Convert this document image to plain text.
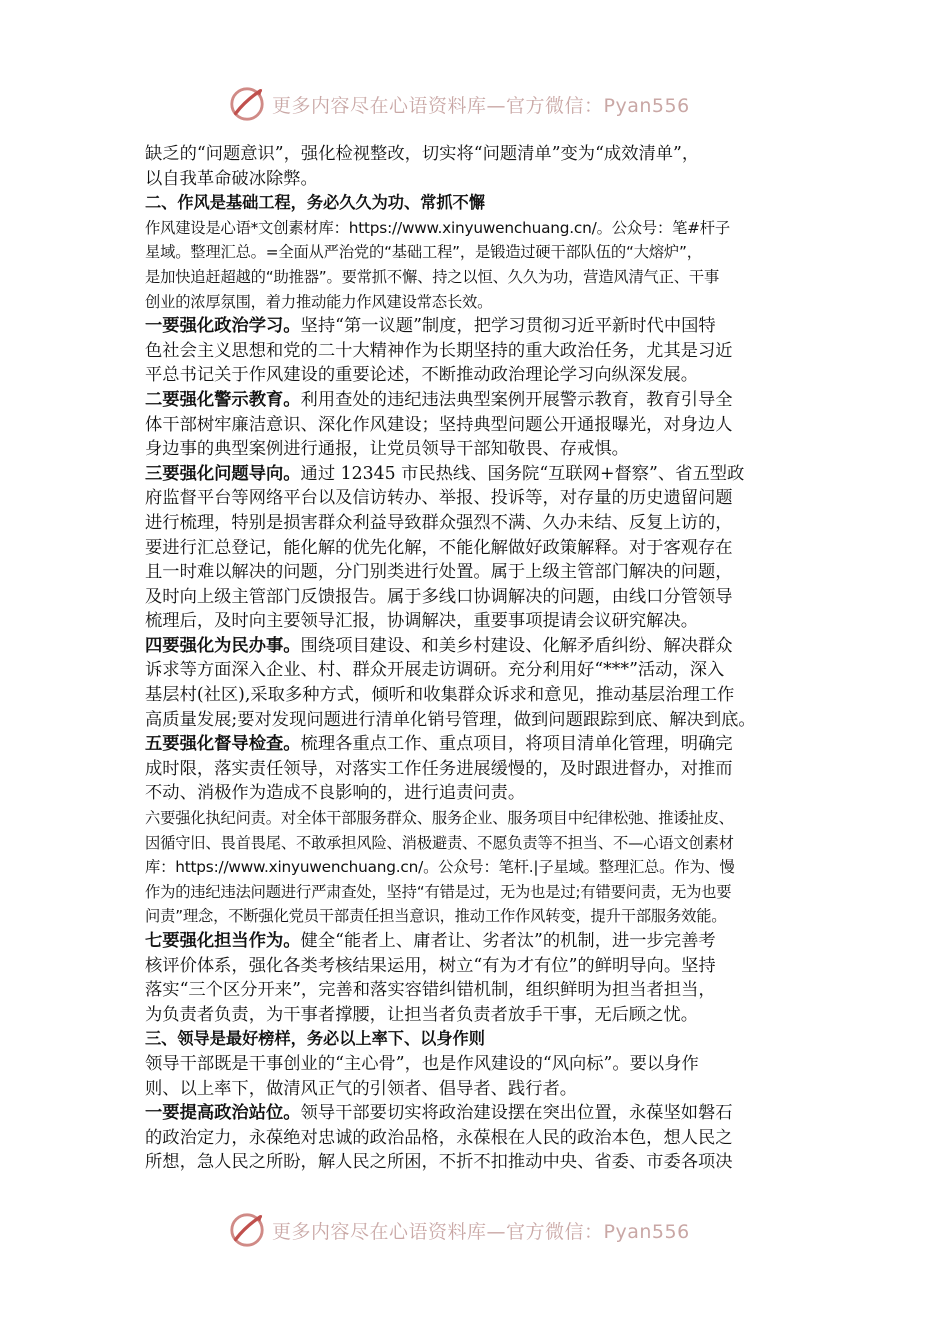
更多内容尽在心语资料库—官方微信：Pyan556

缺乏的“问题意识”，强化检视整改，切实将“问题清单”变为“成效清单”，

以自我革命破冰除弊。

二、作风是基础工程，务必久久为功、常抓不懈

作风建设是心语*文创素材库：https://www.xinyuwenchuang.cn/。公众号：笔#杆子

星域。整理汇总。=全面从严治党的“基础工程”，是锻造过硬干部队伍的“大熔炉”，

是加快追赶超越的“助推器”。要常抓不懈、持之以恒、久久为功，营造风清气正、干事

创业的浓厚氛围，着力推动能力作风建设常态长效。

一要强化政治学习。坚持“第一议题”制度，把学习贯彻习近平新时代中国特

色社会主义思想和党的二十大精神作为长期坚持的重大政治任务，尤其是习近

平总书记关于作风建设的重要论述，不断推动政治理论学习向纵深发展。

二要强化警示教育。利用查处的违纪违法典型案例开展警示教育，教育引导全

体干部树牢廉洁意识、深化作风建设；坚持典型问题公开通报曝光，对身边人

身边事的典型案例进行通报，让党员领导干部知敬畏、存戒惧。

三要强化问题导向。通过 12345 市民热线、国务院“互联网+督察”、省五型政

府监督平台等网络平台以及信访转办、举报、投诉等，对存量的历史遗留问题

进行梳理，特别是损害群众利益导致群众强烈不满、久办未结、反复上访的，

要进行汇总登记，能化解的优先化解，不能化解做好政策解释。对于客观存在

且一时难以解决的问题，分门别类进行处置。属于上级主管部门解决的问题，

及时向上级主管部门反馈报告。属于多线口协调解决的问题，由线口分管领导

梳理后，及时向主要领导汇报，协调解决，重要事项提请会议研究解决。

四要强化为民办事。围绕项目建设、和美乡村建设、化解矛盾纠纷、解决群众

诉求等方面深入企业、村、群众开展走访调研。充分利用好“***”活动，深入

基层村(社区),采取多种方式，倾听和收集群众诉求和意见，推动基层治理工作

高质量发展;要对发现问题进行清单化销号管理，做到问题跟踪到底、解决到底。

五要强化督导检查。梳理各重点工作、重点项目，将项目清单化管理，明确完

成时限，落实责任领导，对落实工作任务进展缓慢的，及时跟进督办，对推而

不动、消极作为造成不良影响的，进行追责问责。

六要强化执纪问责。对全体干部服务群众、服务企业、服务项目中纪律松弛、推诿扯皮、

因循守旧、畏首畏尾、不敢承担风险、消极避责、不愿负责等不担当、不—心语文创素材

库：https://www.xinyuwenchuang.cn/。公众号：笔杆.|子星域。整理汇总。作为、慢

作为的违纪违法问题进行严肃查处，坚持“有错是过，无为也是过;有错要问责，无为也要

问责”理念，不断强化党员干部责任担当意识，推动工作作风转变，提升干部服务效能。

七要强化担当作为。健全“能者上、庸者让、劣者汰”的机制，进一步完善考

核评价体系，强化各类考核结果运用，树立“有为才有位”的鲜明导向。坚持

落实“三个区分开来”，完善和落实容错纠错机制，组织鲜明为担当者担当，

为负责者负责，为干事者撑腰，让担当者负责者放手干事，无后顾之忧。

三、领导是最好榜样，务必以上率下、以身作则

领导干部既是干事创业的“主心骨”，也是作风建设的“风向标”。要以身作

则、以上率下，做清风正气的引领者、倡导者、践行者。

一要提高政治站位。领导干部要切实将政治建设摆在突出位置，永葆坚如磐石

的政治定力，永葆绝对忠诚的政治品格，永葆根在人民的政治本色，想人民之

所想，急人民之所盼，解人民之所困，不折不扣推动中央、省委、市委各项决

更多内容尽在心语资料库—官方微信：Pyan556
